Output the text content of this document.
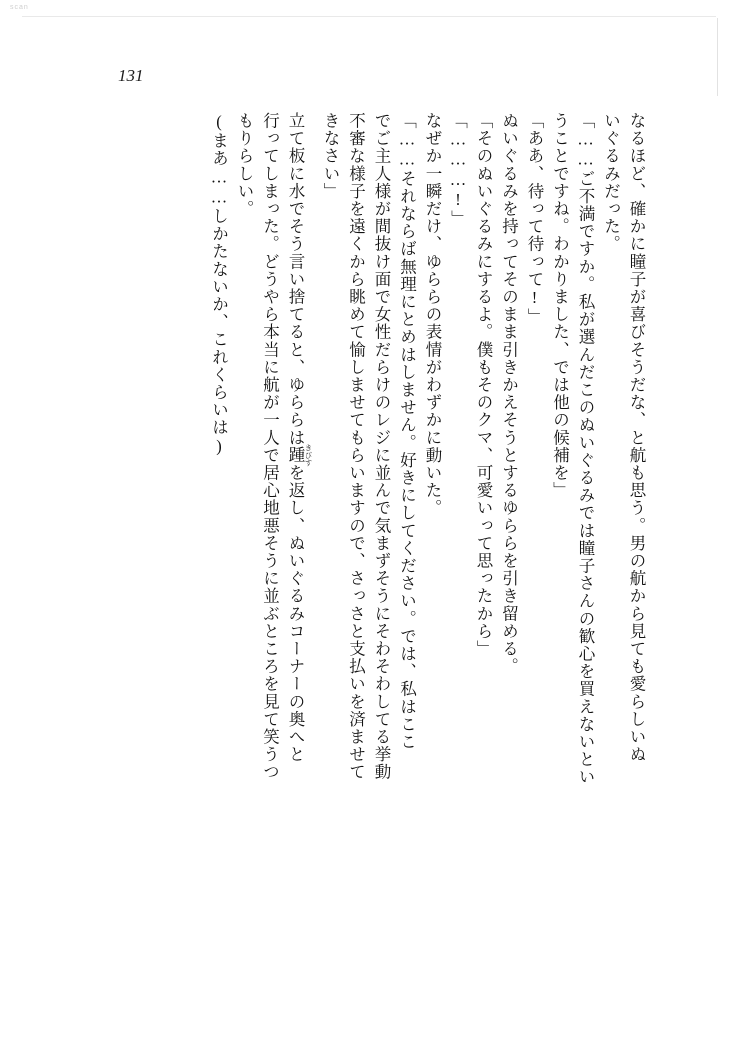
scan
131
なるほど、確かに瞳子が喜びそうだな、と航も思う。男の航から見ても愛らしいぬ
いぐるみだった。
「……ご不満ですか。私が選んだこのぬいぐるみでは瞳子さんの歓心を買えないとい
うことですね。わかりました、では他の候補を」
「ああ、待って待って!」
ぬいぐるみを持ってそのまま引きかえそうとするゆららを引き留める。
「そのぬいぐるみにするよ。僕もそのクマ、可愛いって思ったから」
「………!」
なぜか一瞬だけ、ゆららの表情がわずかに動いた。
「……それならば無理にとめはしません。好きにしてください。では、私はここ
でご主人様が間抜け面で女性だらけのレジに並んで気まずそうにそわそわしてる挙動
不審な様子を遠くから眺めて愉しませてもらいますので、さっさと支払いを済ませて
きなさい」
立て板に水でそう言い捨てると、ゆららは踵 きびすを返し、ぬいぐるみコーナーの奥へと
行ってしまった。どうやら本当に航が一人で居心地悪そうに並ぶところを見て笑うつ
もりらしい。
(まあ……しかたないか、これくらいは)
